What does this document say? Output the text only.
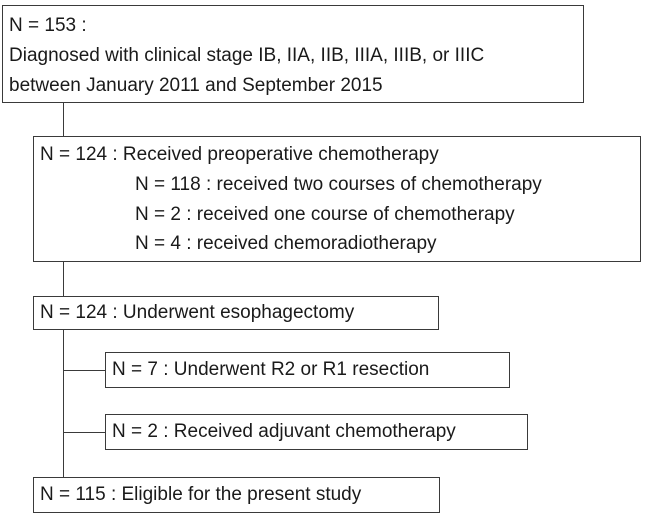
N = 153 :
Diagnosed with clinical stage IB, IIA, IIB, IIIA, IIIB, or IIIC
between January 2011 and September 2015
N = 124 : Received preoperative chemotherapy
N = 118 : received two courses of chemotherapy
N = 2 : received one course of chemotherapy
N = 4 : received chemoradiotherapy
N = 124 : Underwent esophagectomy
N = 7 : Underwent R2 or R1 resection
N = 2 : Received adjuvant chemotherapy
N = 115 : Eligible for the present study
